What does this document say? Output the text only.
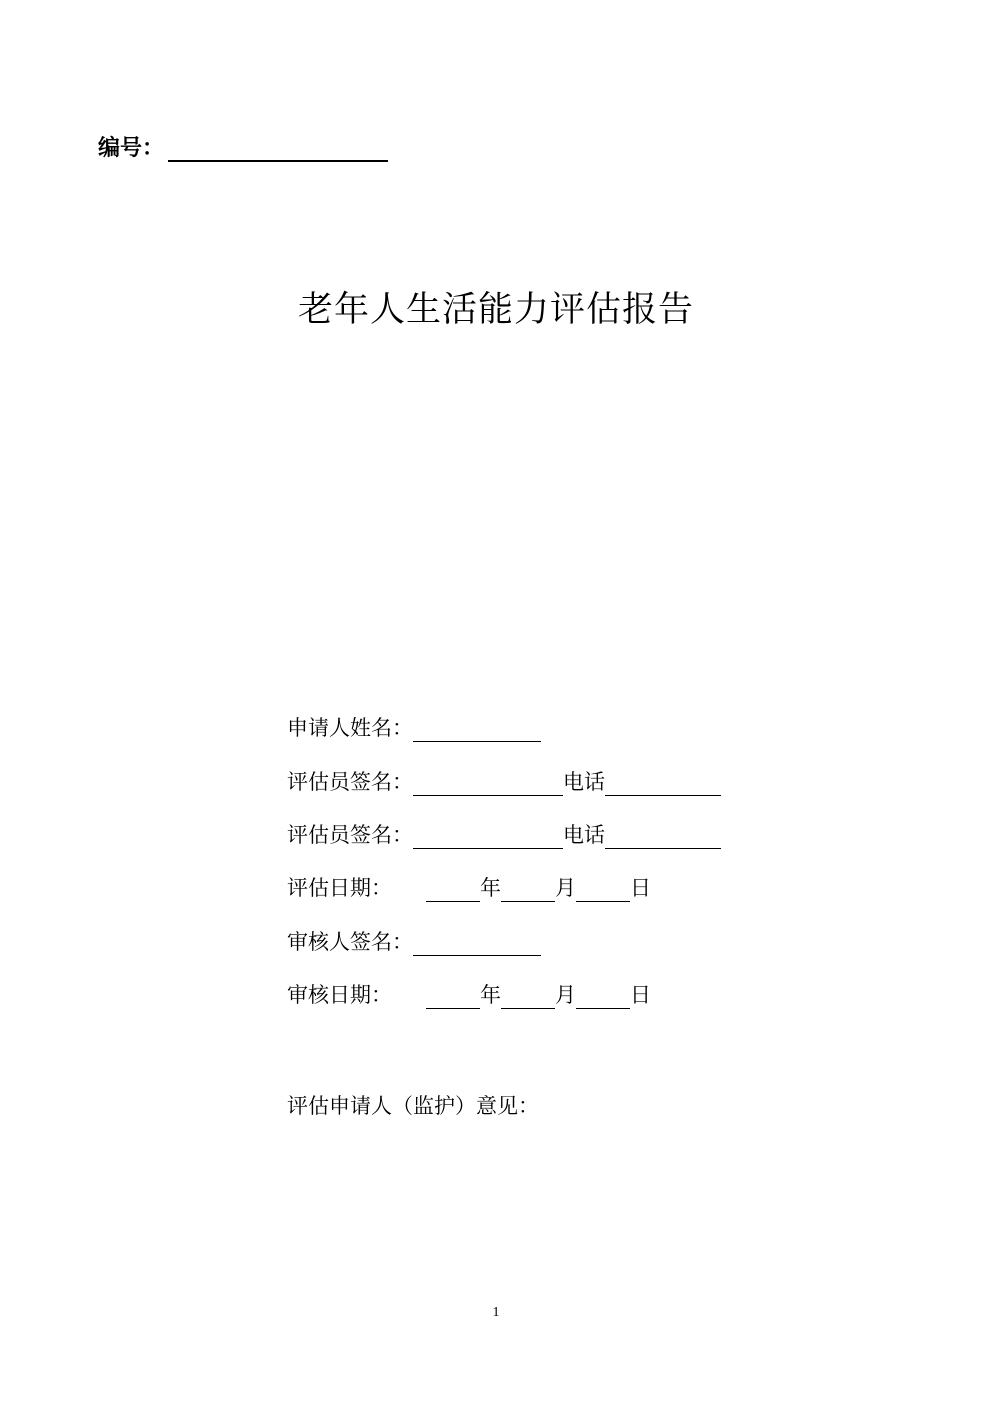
编号：
老年人生活能力评估报告
申请人姓名：
评估员签名：	电话
评估员签名：	电话
评估日期：	年	月	日
审核人签名：
审核日期：	年	月	日
评估申请人（监护）意见：
1
